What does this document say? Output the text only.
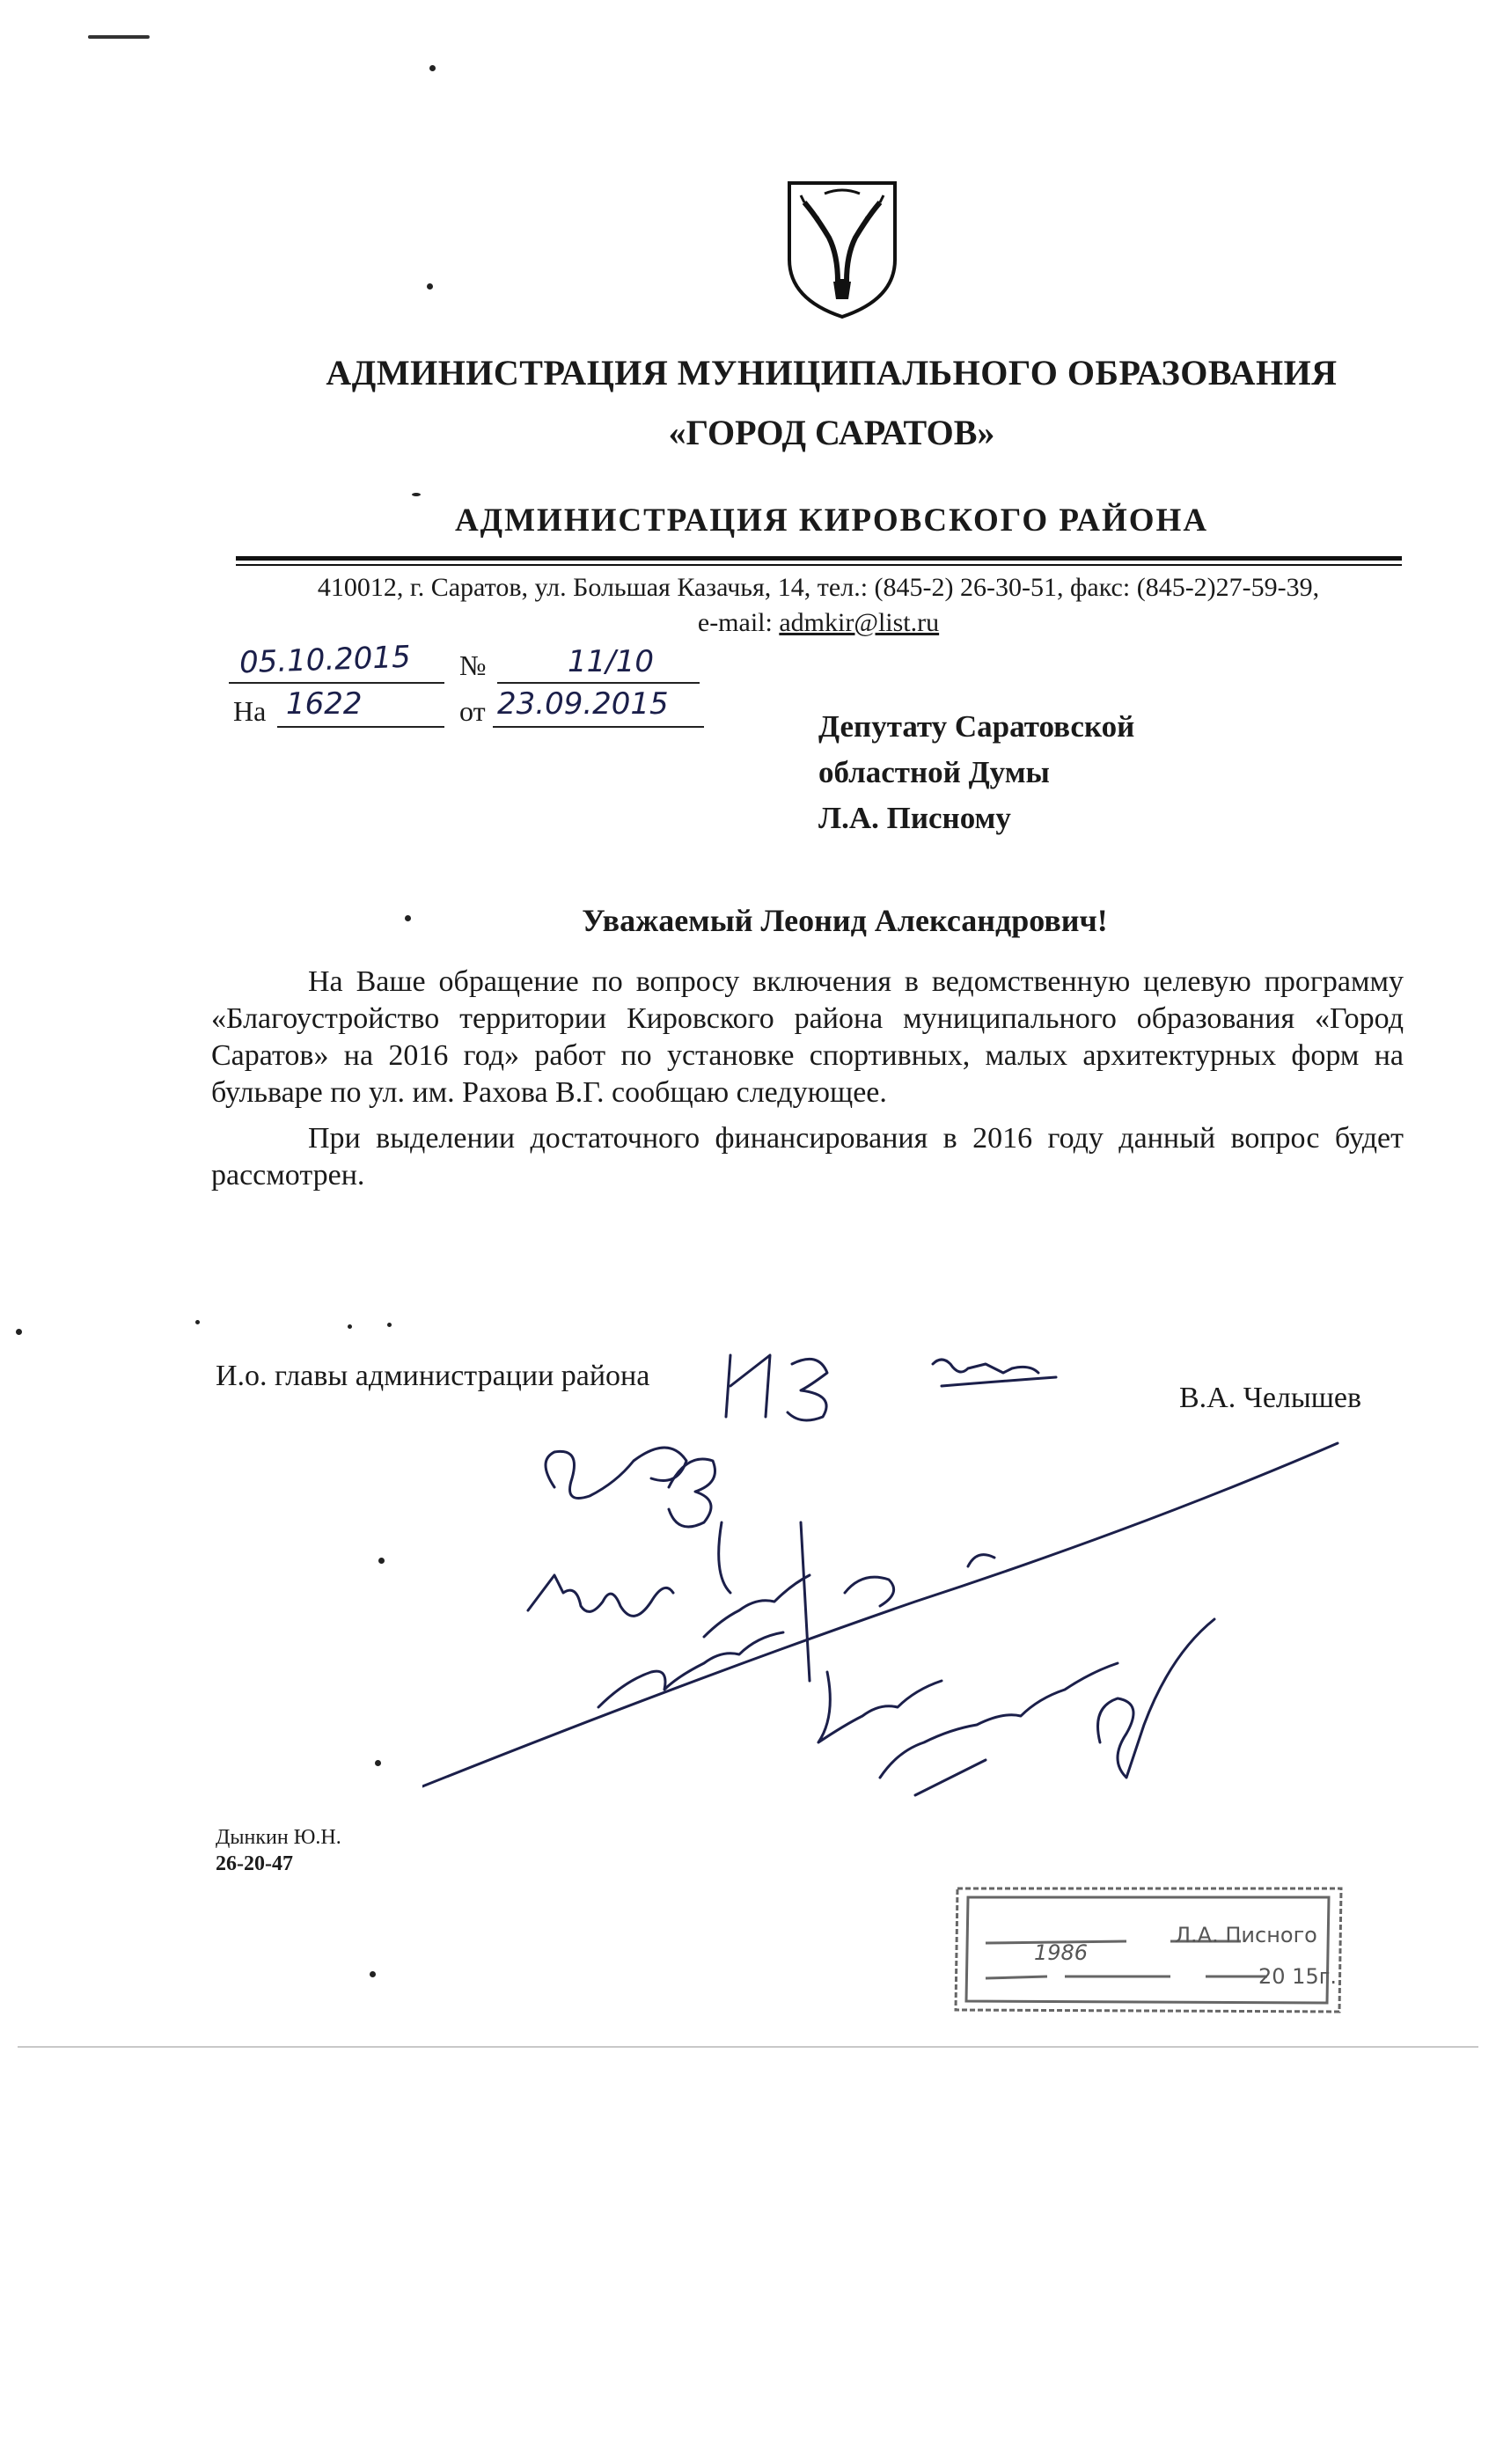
АДМИНИСТРАЦИЯ МУНИЦИПАЛЬНОГО ОБРАЗОВАНИЯ
«ГОРОД САРАТОВ»
АДМИНИСТРАЦИЯ КИРОВСКОГО РАЙОНА
410012, г. Саратов, ул. Большая Казачья, 14, тел.: (845-2) 26-30-51, факс: (845-2)27-59-39,
e-mail: admkir@list.ru
05.10.2015 №	11/10
На 1622	от 23.09.2015
Депутату Саратовской
областной Думы
Л.А. Писному
Уважаемый Леонид Александрович!

На Ваше обращение по вопросу включения в ведомственную целевую программу «Благоустройство территории Кировского района муниципального образования «Город Саратов» на 2016 год» работ по установке спортивных, малых архитектурных форм на бульваре по ул. им. Рахова В.Г. сообщаю следующее.

При выделении достаточного финансирования в 2016 году данный вопрос будет рассмотрен.

И.о. главы администрации района
В.А. Челышев
Дынкин Ю.Н.
26-20-47
Л.А. Писного
1986
20 15г.
